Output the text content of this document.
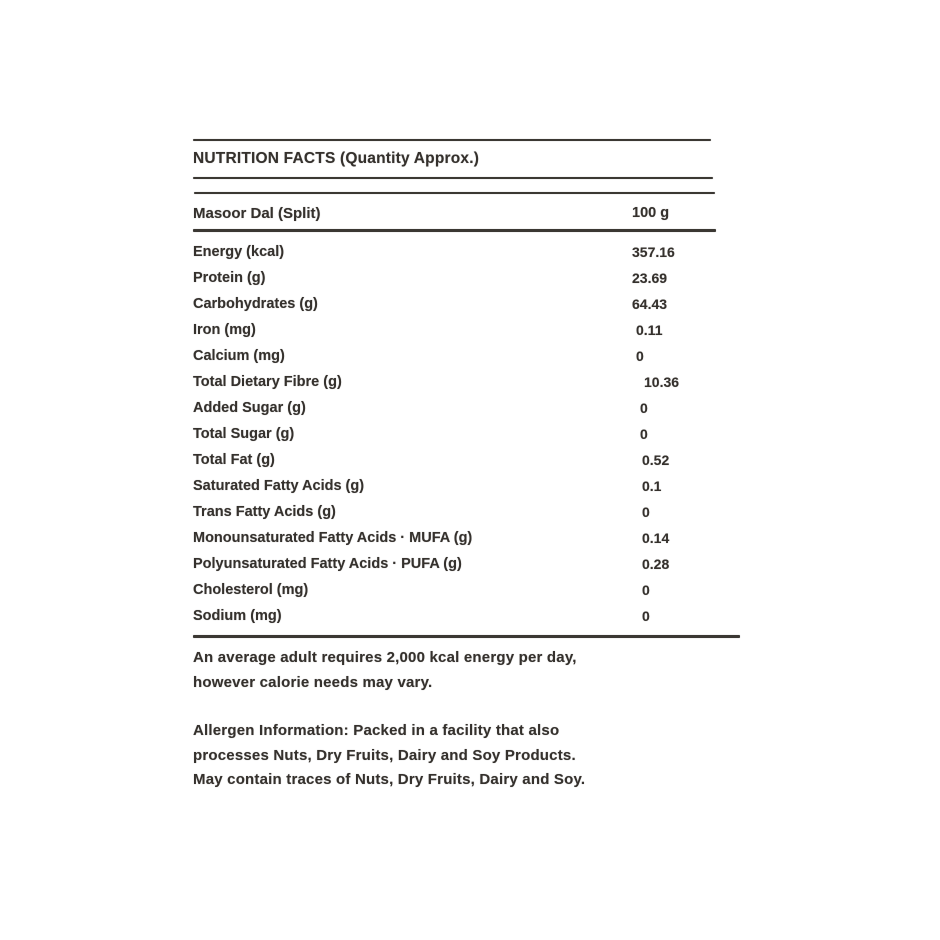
NUTRITION FACTS (Quantity Approx.)
Masoor Dal (Split)	100 g
Energy (kcal)	357.16
Protein (g)	23.69
Carbohydrates (g)	64.43
Iron (mg)	0.11
Calcium (mg)	0
Total Dietary Fibre (g)	10.36
Added Sugar (g)	0
Total Sugar (g)	0
Total Fat (g)	0.52
Saturated Fatty Acids (g)	0.1
Trans Fatty Acids (g)	0
Monounsaturated Fatty Acids · MUFA (g)	0.14
Polyunsaturated Fatty Acids · PUFA (g)	0.28
Cholesterol (mg)	0
Sodium (mg)	0
An average adult requires 2,000 kcal energy per day,
however calorie needs may vary.
Allergen Information: Packed in a facility that also
processes Nuts, Dry Fruits, Dairy and Soy Products.
May contain traces of Nuts, Dry Fruits, Dairy and Soy.
